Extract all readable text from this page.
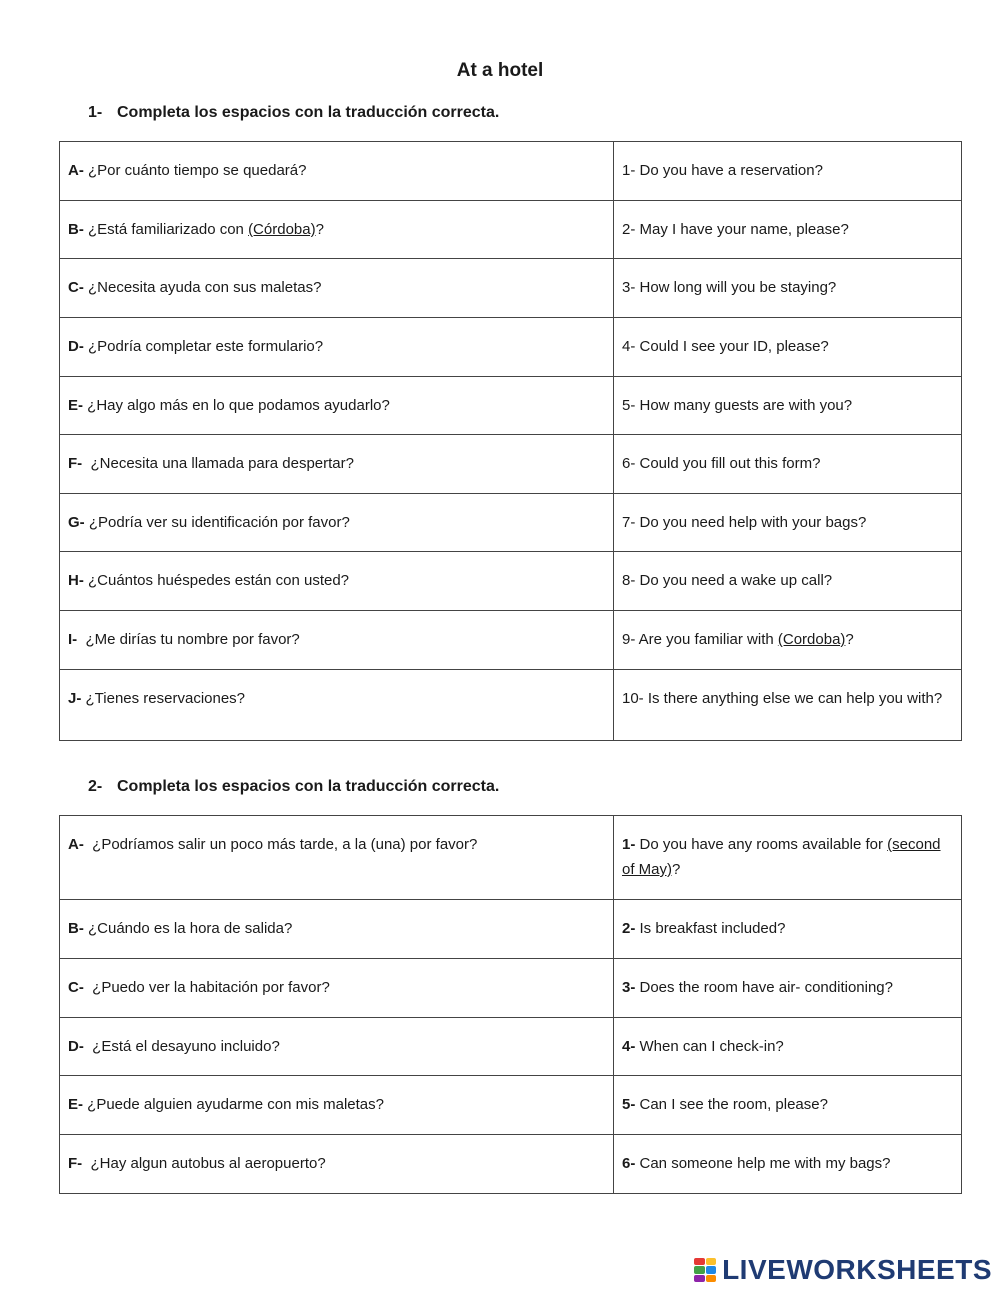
At a hotel
1- Completa los espacios con la traducción correcta.
A- ¿Por cuánto tiempo se quedará?	1- Do you have a reservation?
B- ¿Está familiarizado con (Córdoba)?	2- May I have your name, please?
C- ¿Necesita ayuda con sus maletas?	3- How long will you be staying?
D- ¿Podría completar este formulario?	4- Could I see your ID, please?
E- ¿Hay algo más en lo que podamos ayudarlo?	5- How many guests are with you?
F-  ¿Necesita una llamada para despertar?	6- Could you fill out this form?
G- ¿Podría ver su identificación por favor?	7- Do you need help with your bags?
H- ¿Cuántos huéspedes están con usted?	8- Do you need a wake up call?
I-  ¿Me dirías tu nombre por favor?	9- Are you familiar with (Cordoba)?
J- ¿Tienes reservaciones?	10- Is there anything else we can help you with?
2- Completa los espacios con la traducción correcta.
A-  ¿Podríamos salir un poco más tarde, a la (una) por favor?	1- Do you have any rooms available for (second of May)?
B- ¿Cuándo es la hora de salida?	2- Is breakfast included?
C-  ¿Puedo ver la habitación por favor?	3- Does the room have air- conditioning?
D-  ¿Está el desayuno incluido?	4- When can I check-in?
E- ¿Puede alguien ayudarme con mis maletas?	5- Can I see the room, please?
F-  ¿Hay algun autobus al aeropuerto?	6- Can someone help me with my bags?
LIVEWORKSHEETS
